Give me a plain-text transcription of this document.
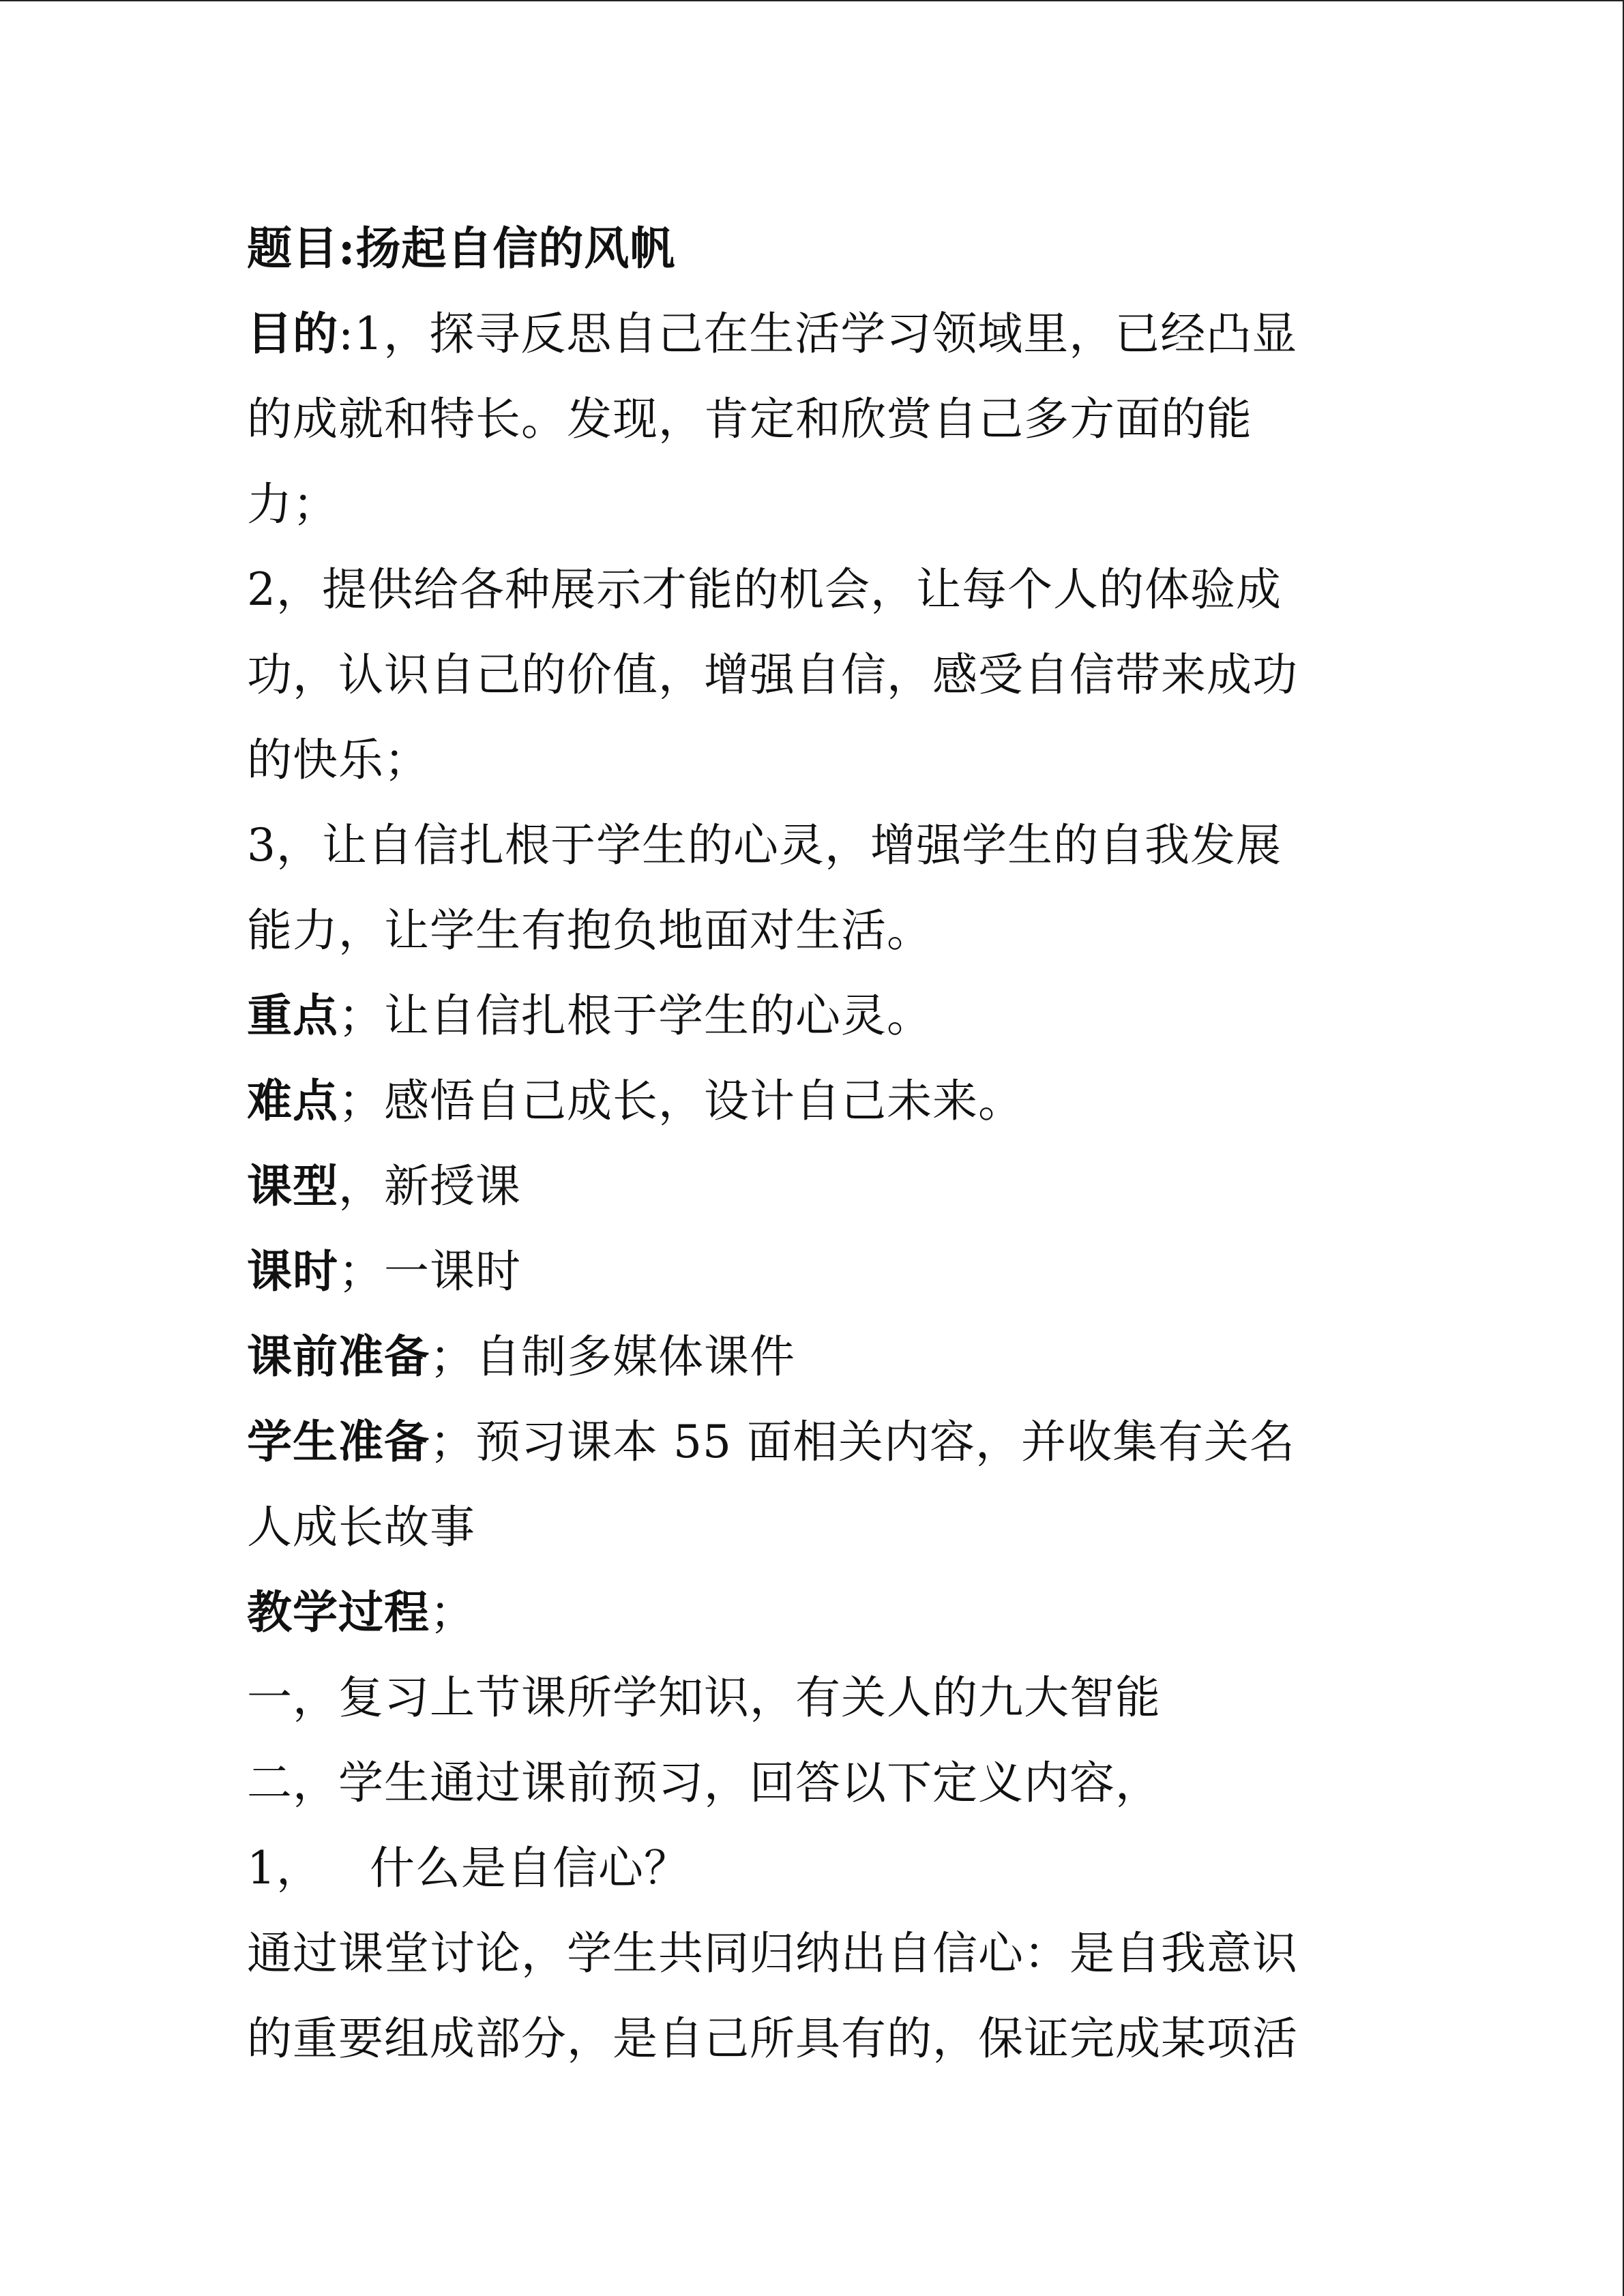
题目:扬起自信的风帆
目的:1，探寻反思自己在生活学习领域里，已经凸显
的成就和特长。发现，肯定和欣赏自己多方面的能
力；
2，提供给各种展示才能的机会，让每个人的体验成
功，认识自己的价值，增强自信，感受自信带来成功
的快乐；
3，让自信扎根于学生的心灵，增强学生的自我发展
能力，让学生有抱负地面对生活。
重点；让自信扎根于学生的心灵。
难点；感悟自己成长，设计自己未来。
课型，新授课
课时；一课时
课前准备；自制多媒体课件
学生准备；预习课本 55 面相关内容，并收集有关名
人成长故事
教学过程；
一，复习上节课所学知识，有关人的九大智能
二，学生通过课前预习，回答以下定义内容，
1， 什么是自信心？
通过课堂讨论，学生共同归纳出自信心：是自我意识
的重要组成部分，是自己所具有的，保证完成某项活
